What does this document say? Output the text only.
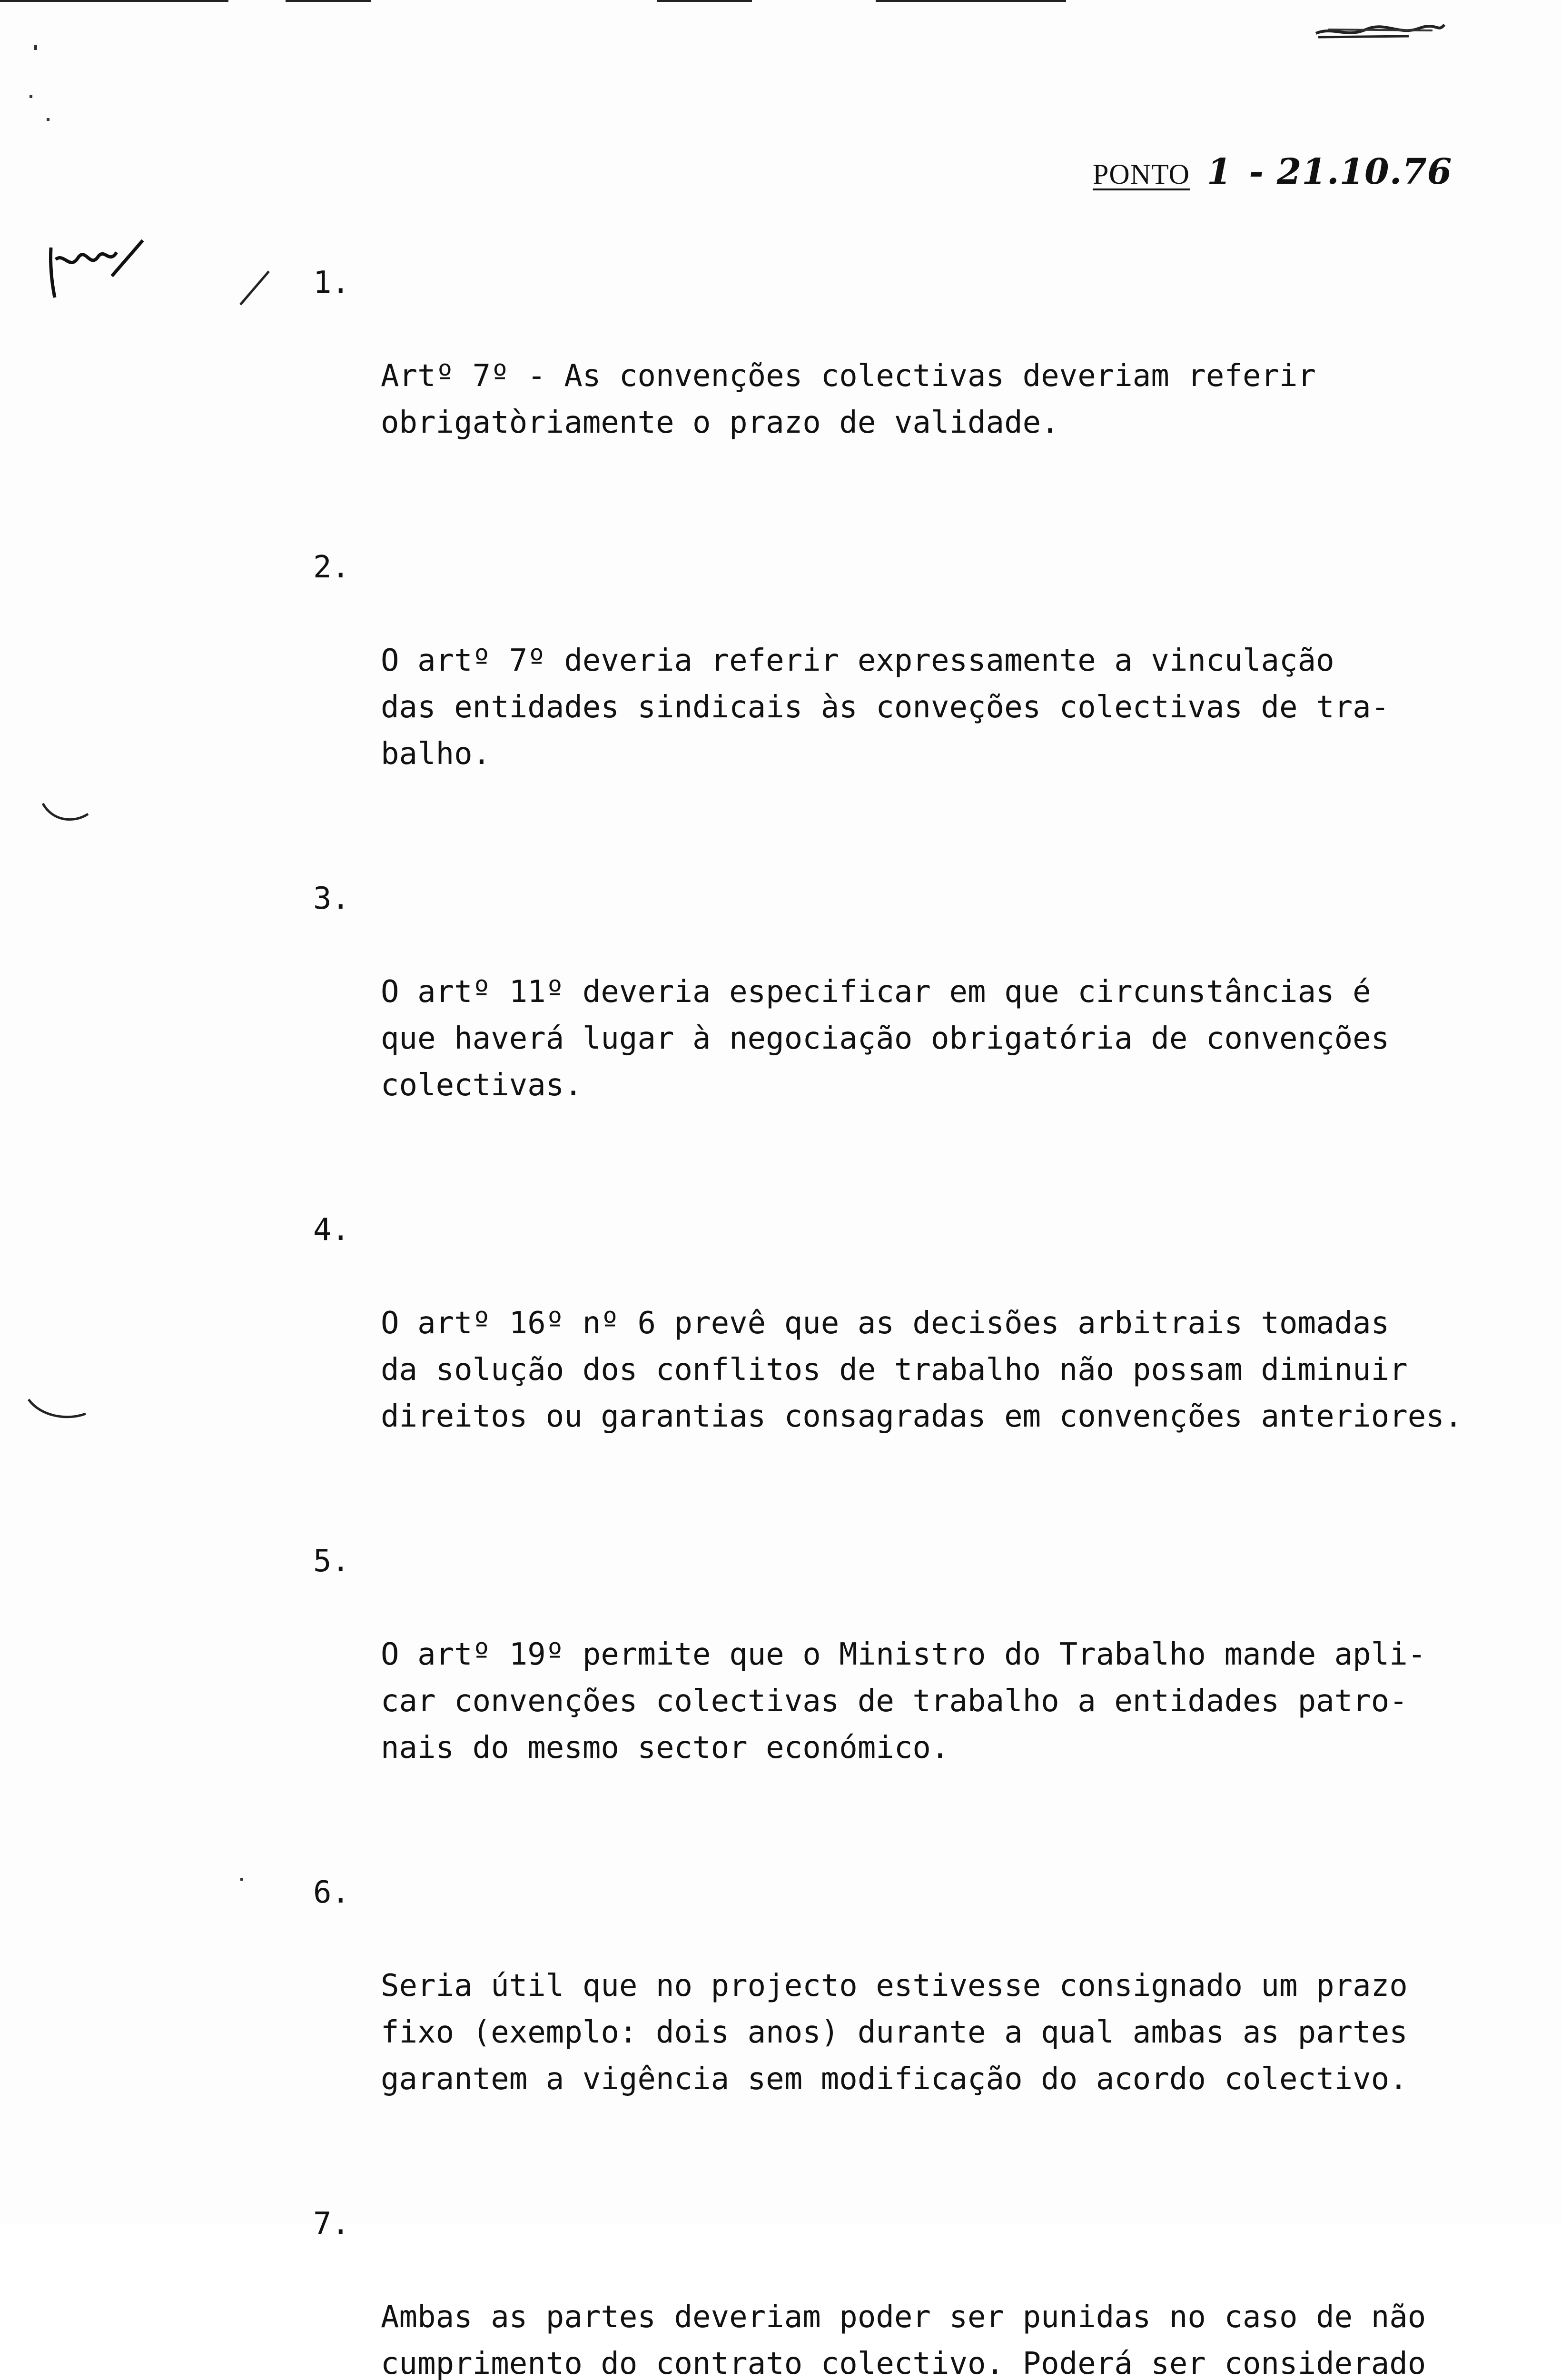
PONTO 1 - 21.10.76

1.

Artº 7º - As convenções colectivas deveriam referir
obrigatòriamente o prazo de validade.

2.

O artº 7º deveria referir expressamente a vinculação
das entidades sindicais às conveções colectivas de tra-
balho.

3.

O artº 11º deveria especificar em que circunstâncias é
que haverá lugar à negociação obrigatória de convenções
colectivas.

4.

O artº 16º nº 6 prevê que as decisões arbitrais tomadas
da solução dos conflitos de trabalho não possam diminuir
direitos ou garantias consagradas em convenções anteriores.

5.

O artº 19º permite que o Ministro do Trabalho mande apli-
car convenções colectivas de trabalho a entidades patro-
nais do mesmo sector económico.

6.

Seria útil que no projecto estivesse consignado um prazo
fixo (exemplo: dois anos) durante a qual ambas as partes
garantem a vigência sem modificação do acordo colectivo.

7.

Ambas as partes deveriam poder ser punidas no caso de não
cumprimento do contrato colectivo. Poderá ser considerado
